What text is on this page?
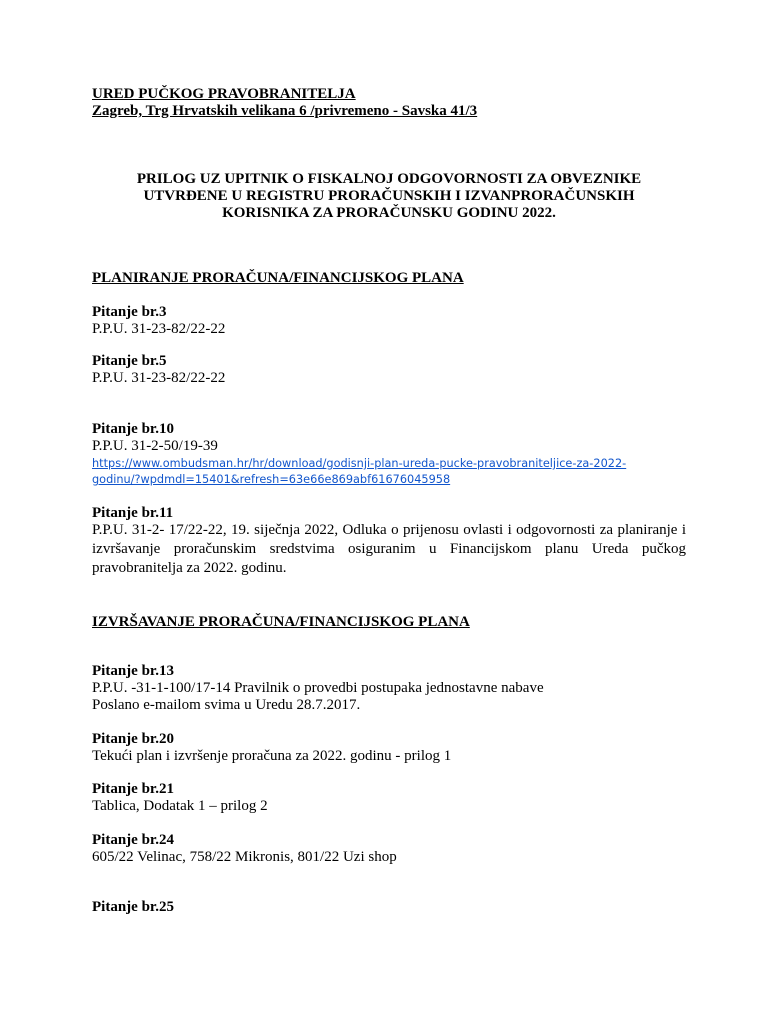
URED PUČKOG PRAVOBRANITELJA
Zagreb, Trg Hrvatskih velikana 6 /privremeno - Savska 41/3
PRILOG UZ UPITNIK O FISKALNOJ ODGOVORNOSTI ZA OBVEZNIKE
UTVRĐENE U REGISTRU PRORAČUNSKIH I IZVANPRORAČUNSKIH
KORISNIKA ZA PRORAČUNSKU GODINU 2022.
PLANIRANJE PRORAČUNA/FINANCIJSKOG PLANA
Pitanje br.3
P.P.U. 31-23-82/22-22
Pitanje br.5
P.P.U. 31-23-82/22-22
Pitanje br.10
P.P.U. 31-2-50/19-39
https://www.ombudsman.hr/hr/download/godisnji-plan-ureda-pucke-pravobraniteljice-za-2022-
godinu/?wpdmdl=15401&refresh=63e66e869abf61676045958
Pitanje br.11
P.P.U. 31-2- 17/22-22, 19. siječnja 2022, Odluka o prijenosu ovlasti i odgovornosti za planiranje i izvršavanje proračunskim sredstvima osiguranim u Financijskom planu Ureda pučkog pravobranitelja za 2022. godinu.
IZVRŠAVANJE PRORAČUNA/FINANCIJSKOG PLANA
Pitanje br.13
P.P.U. -31-1-100/17-14 Pravilnik o provedbi postupaka jednostavne nabave
Poslano e-mailom svima u Uredu 28.7.2017.
Pitanje br.20
Tekući plan i izvršenje proračuna za 2022. godinu - prilog 1
Pitanje br.21
Tablica, Dodatak 1 – prilog 2
Pitanje br.24
605/22 Velinac, 758/22 Mikronis, 801/22 Uzi shop
Pitanje br.25
